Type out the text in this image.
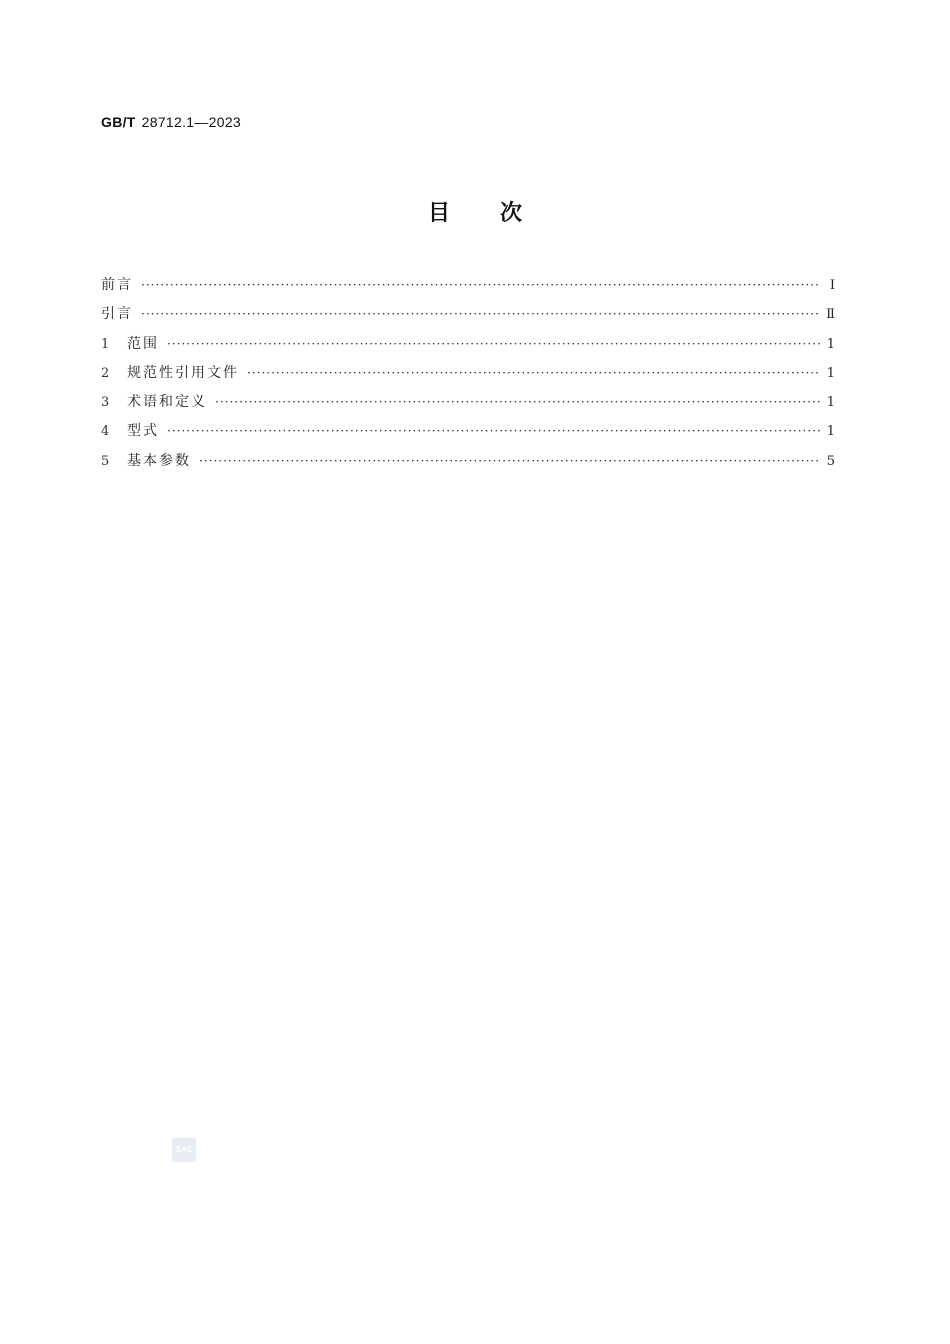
GB/T 28712.1—2023
目次
前言 ·····	Ⅰ
引言 ·····	Ⅱ
1	范围 ·····	1
2	规范性引用文件 ·····	1
3	术语和定义 ·····	1
4	型式 ·····	1
5	基本参数 ·····	5
SAC
